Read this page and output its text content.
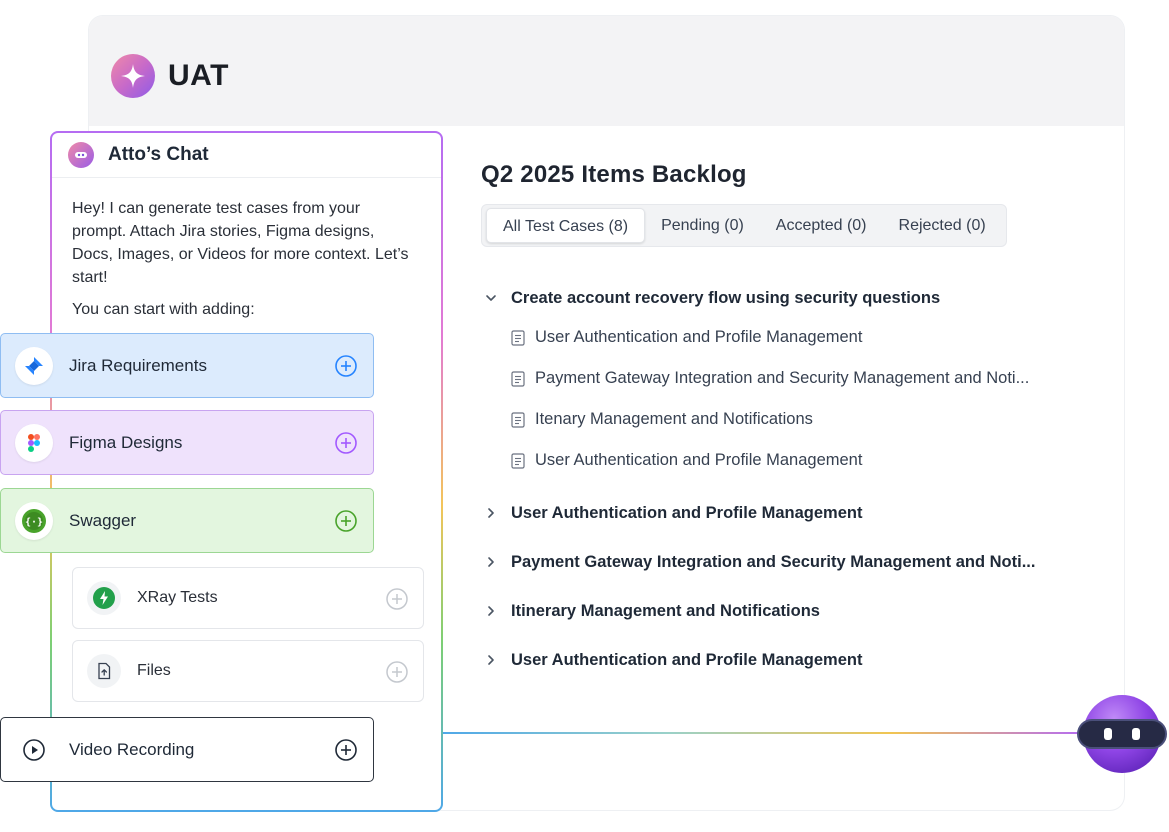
UAT
Q2 2025 Items Backlog
All Test Cases (8)	Pending (0)	Accepted (0)	Rejected (0)
Create account recovery flow using security questions
User Authentication and Profile Management
Payment Gateway Integration and Security Management and Noti...
Itenary Management and Notifications
User Authentication and Profile Management
User Authentication and Profile Management
Payment Gateway Integration and Security Management and Noti...
Itinerary Management and Notifications
User Authentication and Profile Management
Atto’s Chat
Hey! I can generate test cases from your prompt. Attach Jira stories, Figma designs, Docs, Images, or Videos for more context. Let’s start!
You can start with adding:
XRay Tests
Files
Jira Requirements
Figma Designs
{·} Swagger
Video Recording
